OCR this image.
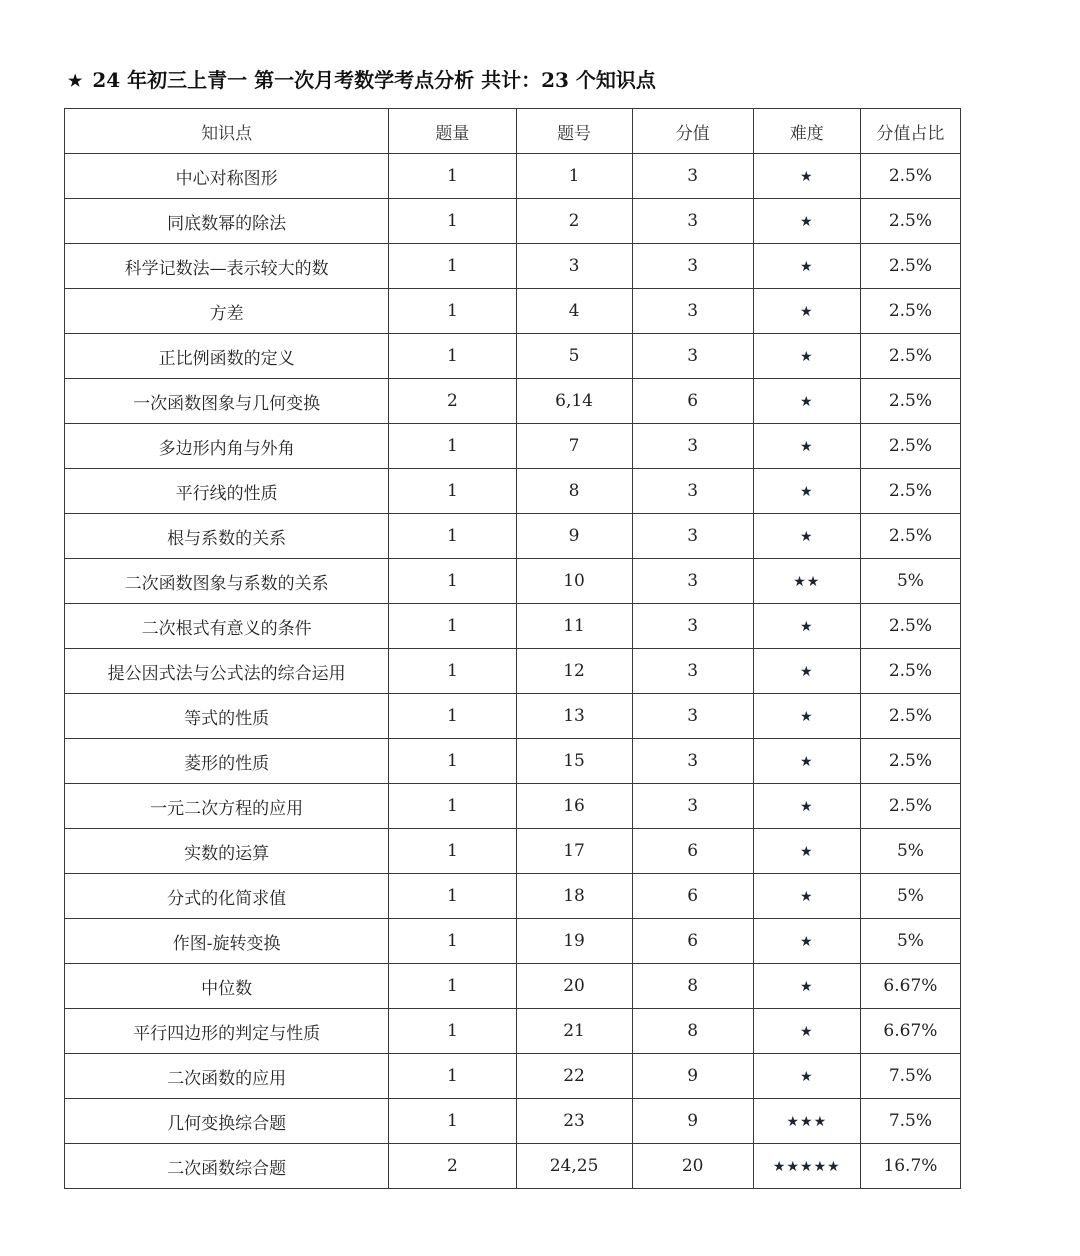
★ 24 年初三上青一 第一次月考数学考点分析 共计：23 个知识点
知识点	题量	题号	分值	难度	分值占比
中心对称图形	1	1	3	★	2.5%
同底数幂的除法	1	2	3	★	2.5%
科学记数法—表示较大的数	1	3	3	★	2.5%
方差	1	4	3	★	2.5%
正比例函数的定义	1	5	3	★	2.5%
一次函数图象与几何变换	2	6,14	6	★	2.5%
多边形内角与外角	1	7	3	★	2.5%
平行线的性质	1	8	3	★	2.5%
根与系数的关系	1	9	3	★	2.5%
二次函数图象与系数的关系	1	10	3	★★	5%
二次根式有意义的条件	1	11	3	★	2.5%
提公因式法与公式法的综合运用	1	12	3	★	2.5%
等式的性质	1	13	3	★	2.5%
菱形的性质	1	15	3	★	2.5%
一元二次方程的应用	1	16	3	★	2.5%
实数的运算	1	17	6	★	5%
分式的化简求值	1	18	6	★	5%
作图-旋转变换	1	19	6	★	5%
中位数	1	20	8	★	6.67%
平行四边形的判定与性质	1	21	8	★	6.67%
二次函数的应用	1	22	9	★	7.5%
几何变换综合题	1	23	9	★★★	7.5%
二次函数综合题	2	24,25	20	★★★★★	16.7%
